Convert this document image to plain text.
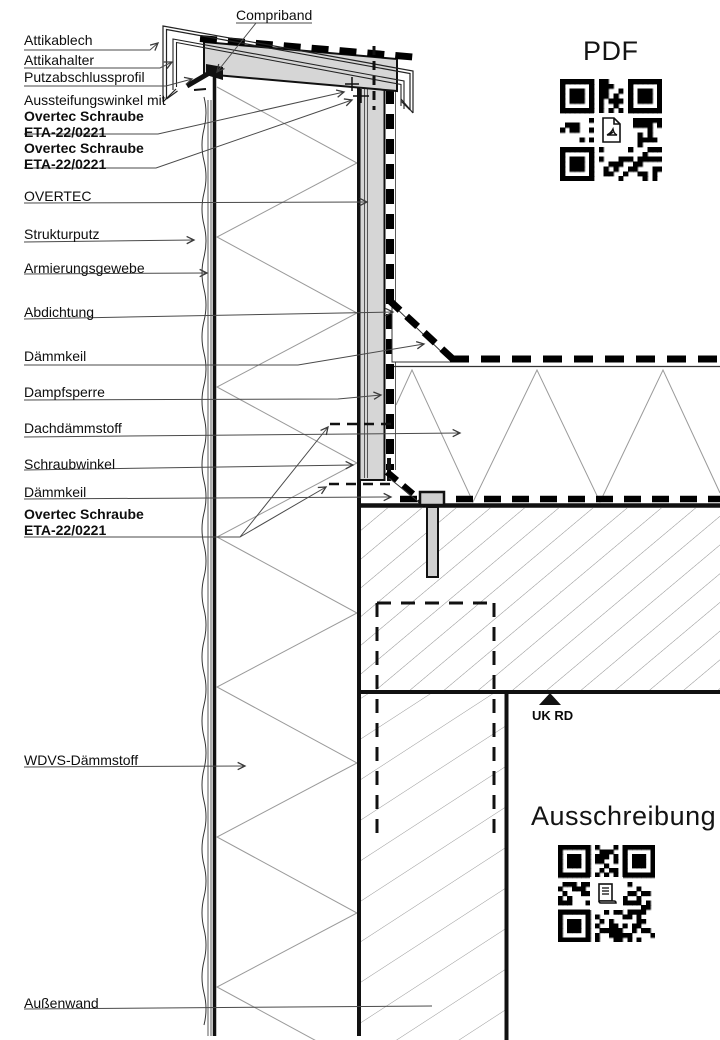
Compriband
Attikablech
Attikahalter
Putzabschlussprofil
Aussteifungswinkel mit
Overtec Schraube
ETA-22/0221
Overtec Schraube
ETA-22/0221
OVERTEC
Strukturputz
Armierungsgewebe
Abdichtung
Dämmkeil
Dampfsperre
Dachdämmstoff
Schraubwinkel
Dämmkeil
Overtec Schraube
ETA-22/0221
WDVS-Dämmstoff
Außenwand
UK RD
PDF
Ausschreibung
